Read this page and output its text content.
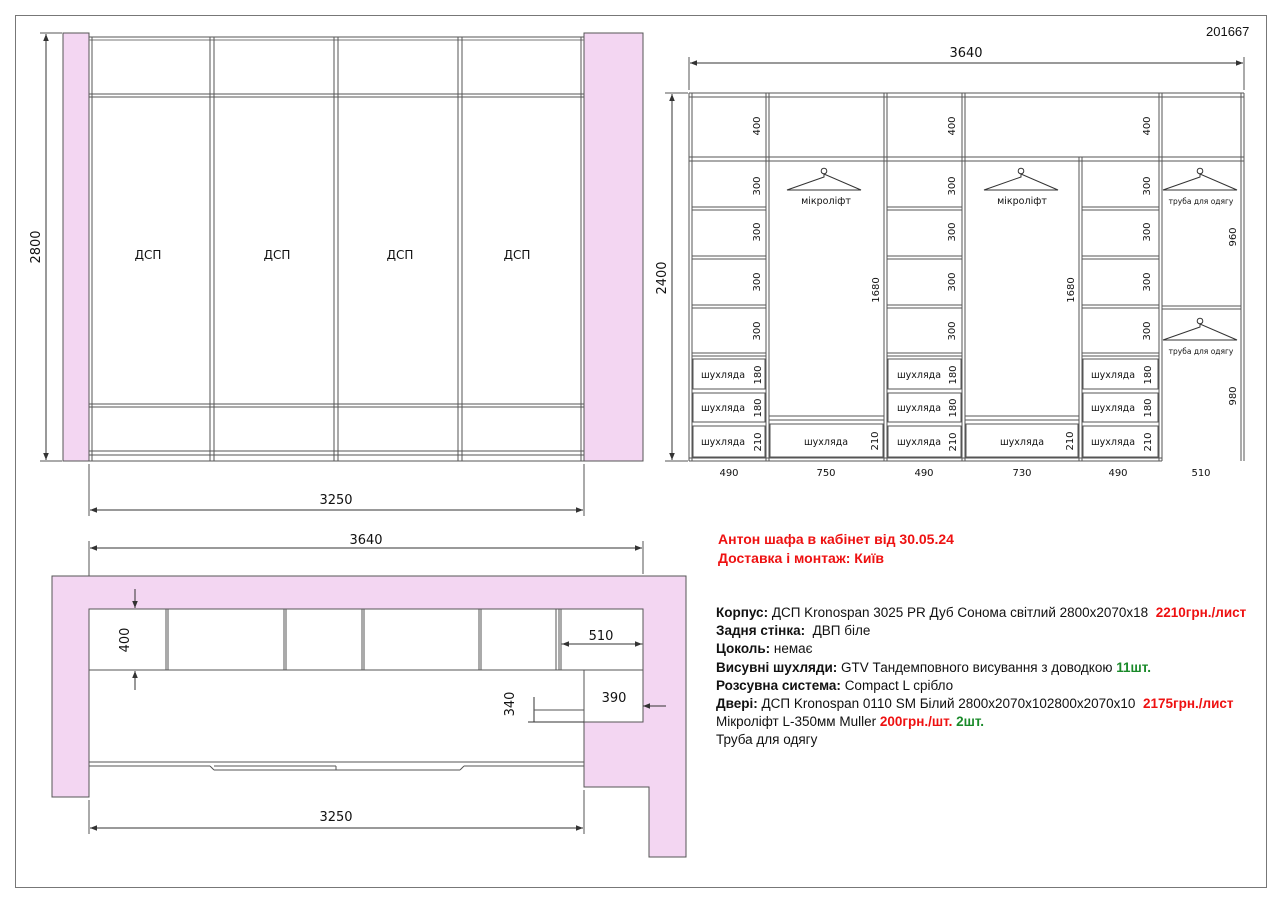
201667
ДСП	ДСП	ДСП	ДСП
2800
3250
3640
2400
400	400	400
300
300
300
300
300
300
300
300
300
300
300
300
шухляда
шухляда
шухляда
180
180
210
шухляда
шухляда
шухляда
180
180
210
шухляда
шухляда
шухляда
180
180
210
шухляда 210	шухляда 210
мікроліфт	мікроліфт
1680	1680
труба для одягу
труба для одягу
960
980
490	750	490	730	490	510
3640
510
390
400
340
3250
Антон шафа в кабінет від 30.05.24
Доставка і монтаж: Київ
Корпус: ДСП Kronospan 3025 PR Дуб Сонома світлий 2800х2070х18 2210грн./лист
Задня стінка: ДВП біле
Цоколь: немає
Висувні шухляди: GTV Тандемповного висування з доводкою 11шт.
Розсувна система: Compact L срібло
Двері: ДСП Kronospan 0110 SM Білий 2800х2070х102800х2070х10 2175грн./лист
Мікроліфт L-350мм Muller 200грн./шт. 2шт.
Труба для одягу
